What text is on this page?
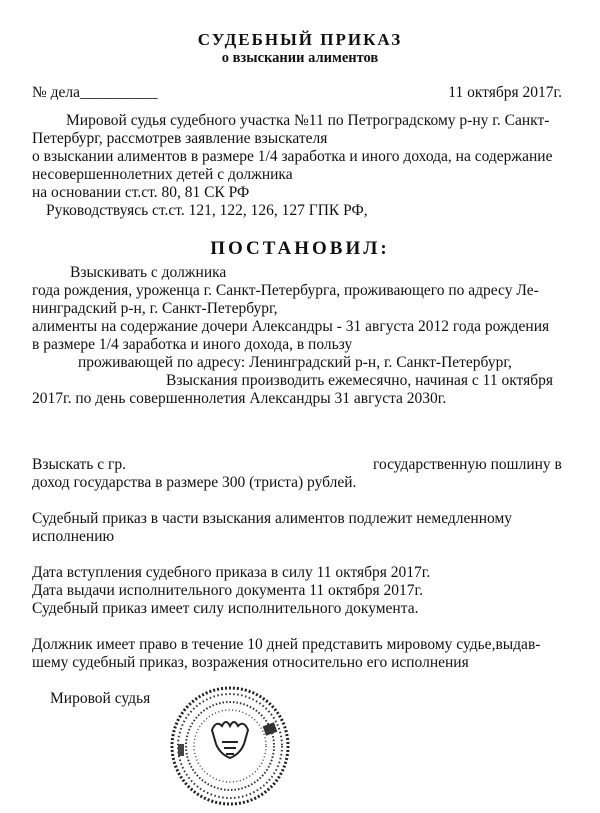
СУДЕБНЫЙ ПРИКАЗ
о взыскании алиментов
№ дела__________	11 октября 2017г.
Мировой судья судебного участка №11 по Петроградскому р-ну г. Санкт-
Петербург, рассмотрев заявление взыскателя
о взыскании алиментов в размере 1/4 заработка и иного дохода, на содержание
несовершеннолетних детей с должника
на основании ст.ст. 80, 81 СК РФ
Руководствуясь ст.ст. 121, 122, 126, 127 ГПК РФ,
ПОСТАНОВИЛ:
Взыскивать с должника
года рождения, уроженца г. Санкт-Петербурга, проживающего по адресу Ле-
нинградский р-н, г. Санкт-Петербург,
алименты на содержание дочери Александры - 31 августа 2012 года рождения
в размере 1/4 заработка и иного дохода, в пользу
проживающей по адресу: Ленинградский р-н, г. Санкт-Петербург,
Взыскания производить ежемесячно, начиная с 11 октября
2017г. по день совершеннолетия Александры 31 августа 2030г.
Взыскать с гр.	государственную пошлину в
доход государства в размере 300 (триста) рублей.
Судебный приказ в части взыскания алиментов подлежит немедленному
исполнению
Дата вступления судебного приказа в силу 11 октября 2017г.
Дата выдачи исполнительного документа 11 октября 2017г.
Судебный приказ имеет силу исполнительного документа.
Должник имеет право в течение 10 дней представить мировому судье,выдав-
шему судебный приказ, возражения относительно его исполнения
Мировой судья
